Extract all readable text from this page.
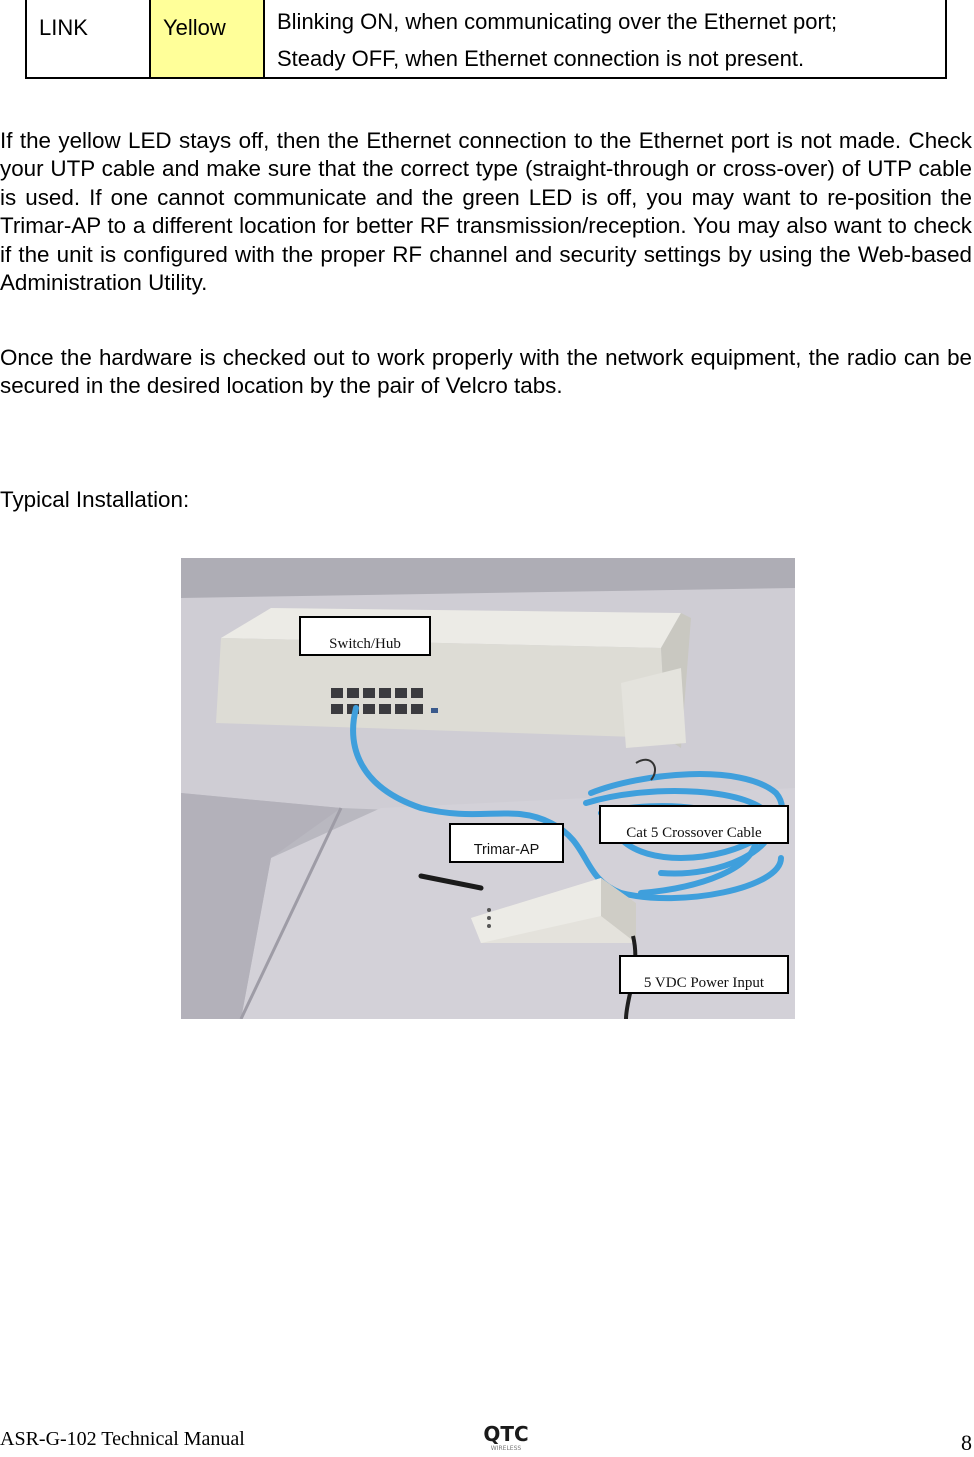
LINK	Yellow	Blinking ON, when communicating over the Ethernet port;
Steady OFF, when Ethernet connection is not present.

If the yellow LED stays off, then the Ethernet connection to the Ethernet port is not made. Check your UTP cable and make sure that the correct type (straight-through or cross-over) of UTP cable is used. If one cannot communicate and the green LED is off, you may want to re-position the Trimar-AP to a different location for better RF transmission/reception. You may also want to check if the unit is configured with the proper RF channel and security settings by using the Web-based Administration Utility.

Once the hardware is checked out to work properly with the network equipment, the radio can be secured in the desired location by the pair of Velcro tabs.

Typical Installation:

Switch/Hub
Trimar-AP
Cat 5 Crossover Cable
5 VDC Power Input
ASR-G-102 Technical Manual	QTC
WIRELESS	8
